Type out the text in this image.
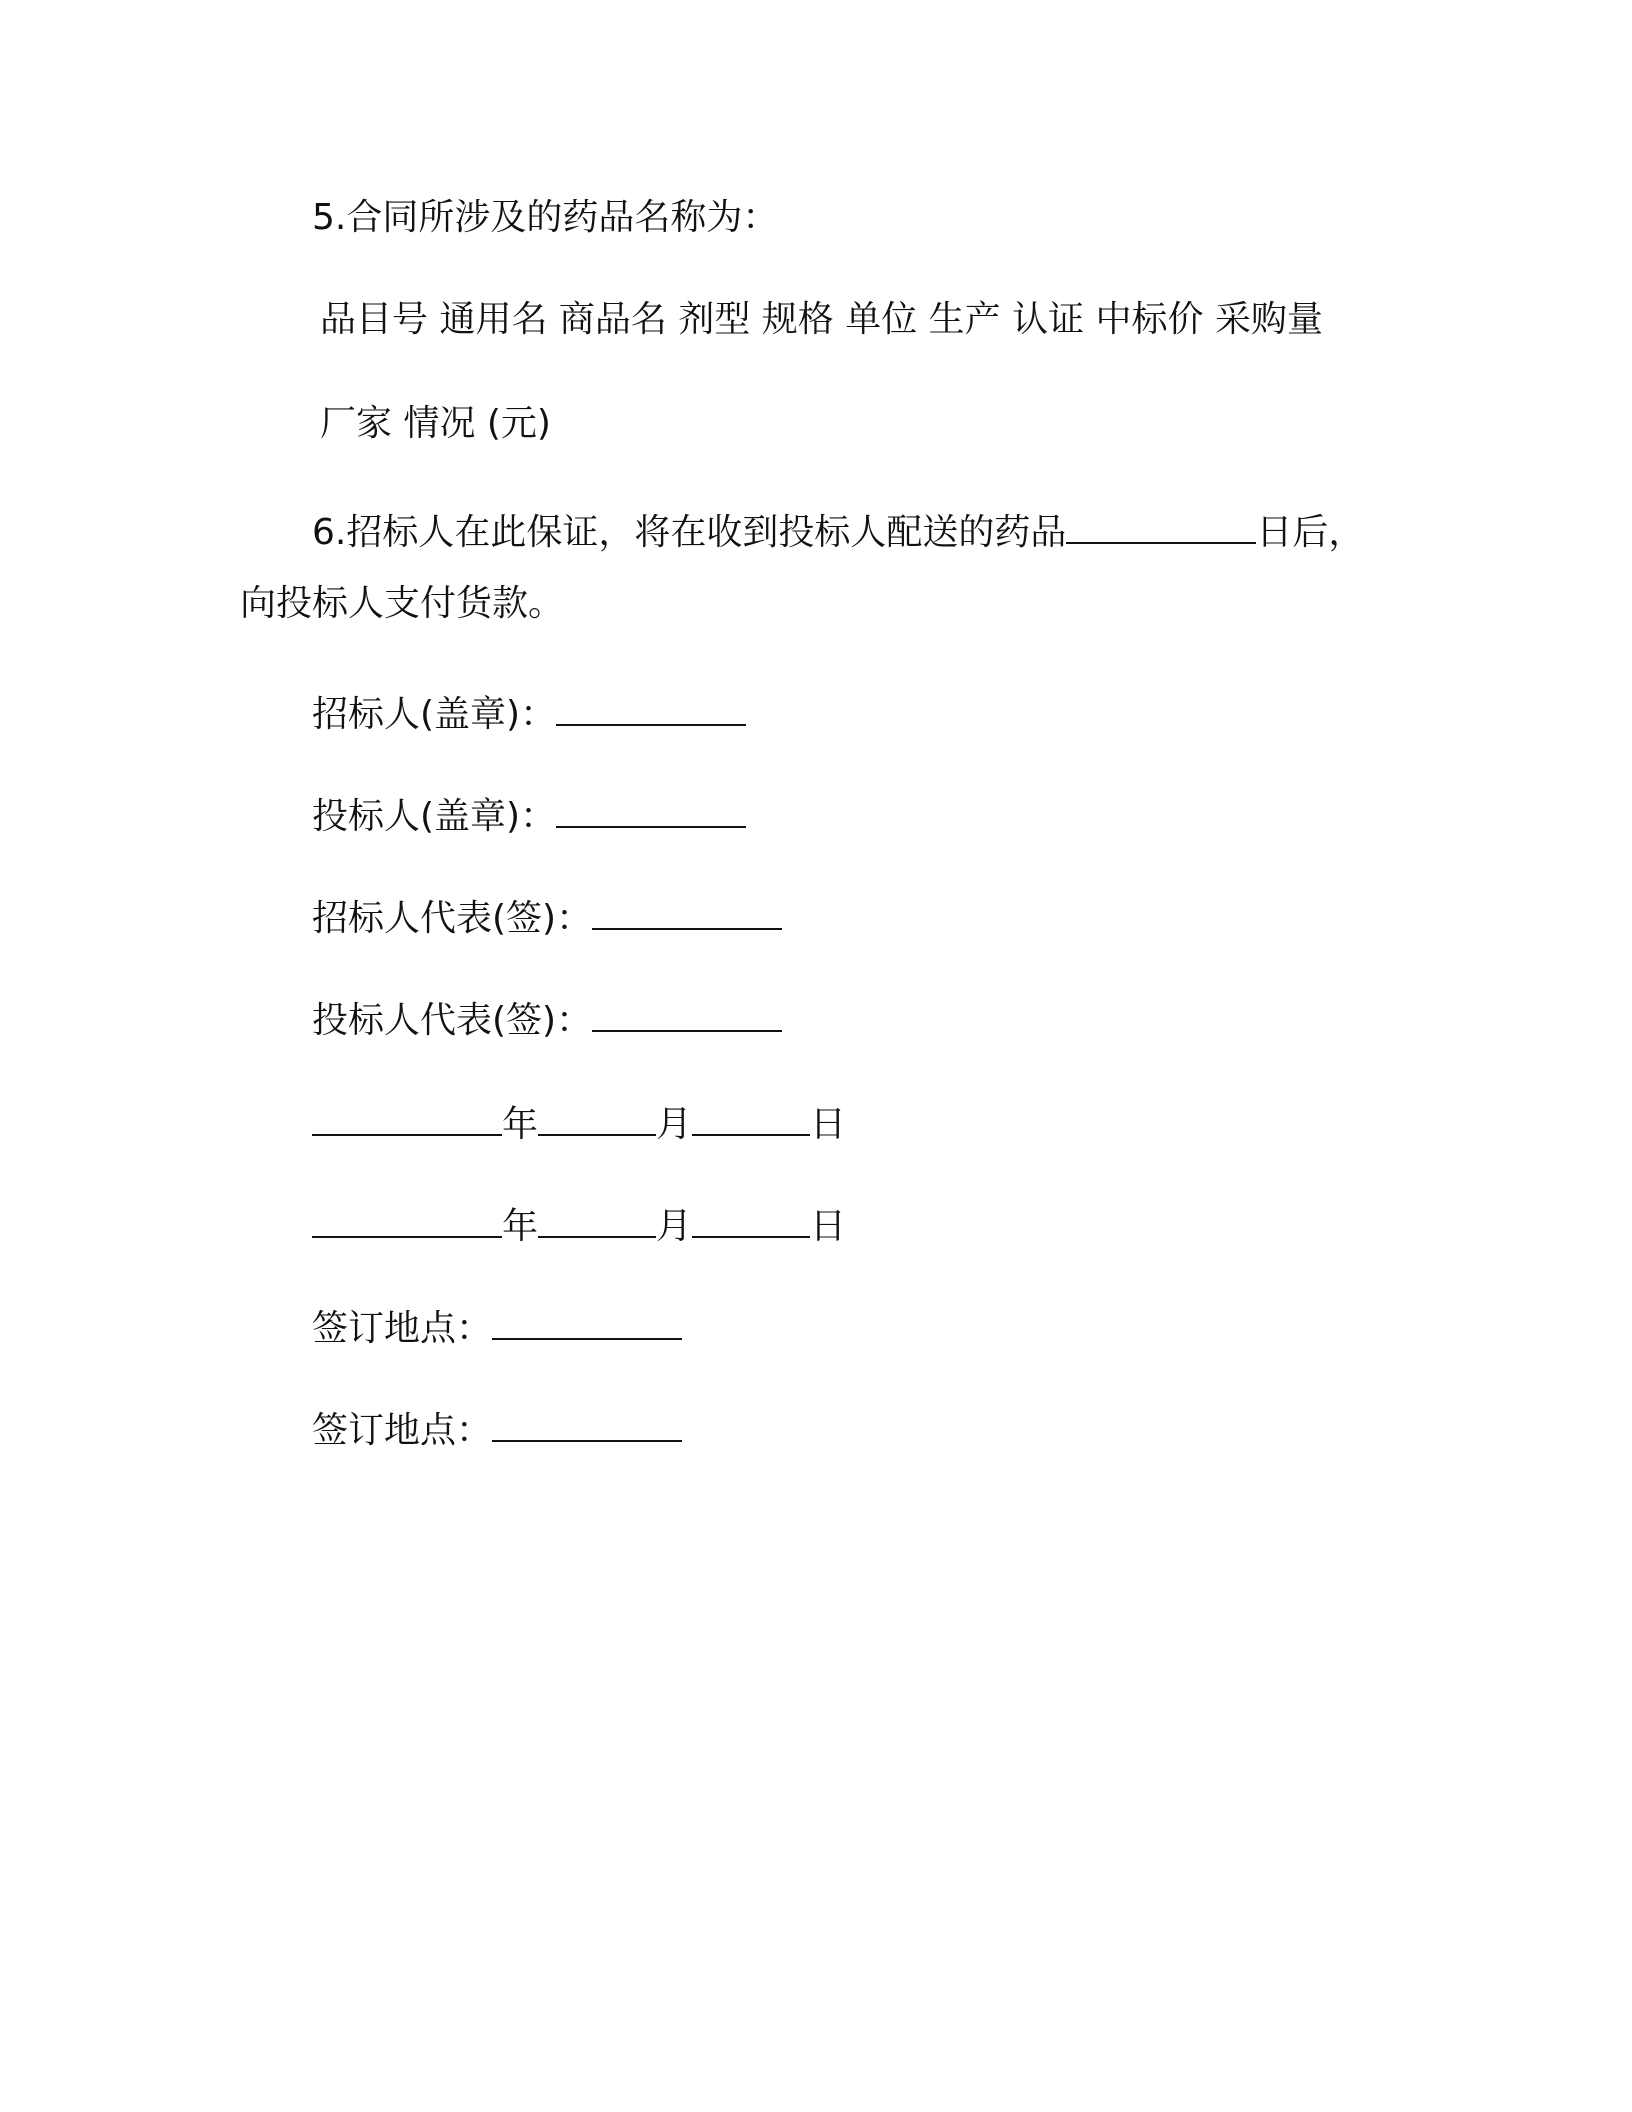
5.合同所涉及的药品名称为：
品目号 通用名 商品名 剂型 规格 单位 生产 认证 中标价 采购量
厂家 情况 (元)
6.招标人在此保证，将在收到投标人配送的药品	日后，
向投标人支付货款。
招标人(盖章)：
投标人(盖章)：
招标人代表(签)：
投标人代表(签)：
年	月	日
年	月	日
签订地点：
签订地点：
